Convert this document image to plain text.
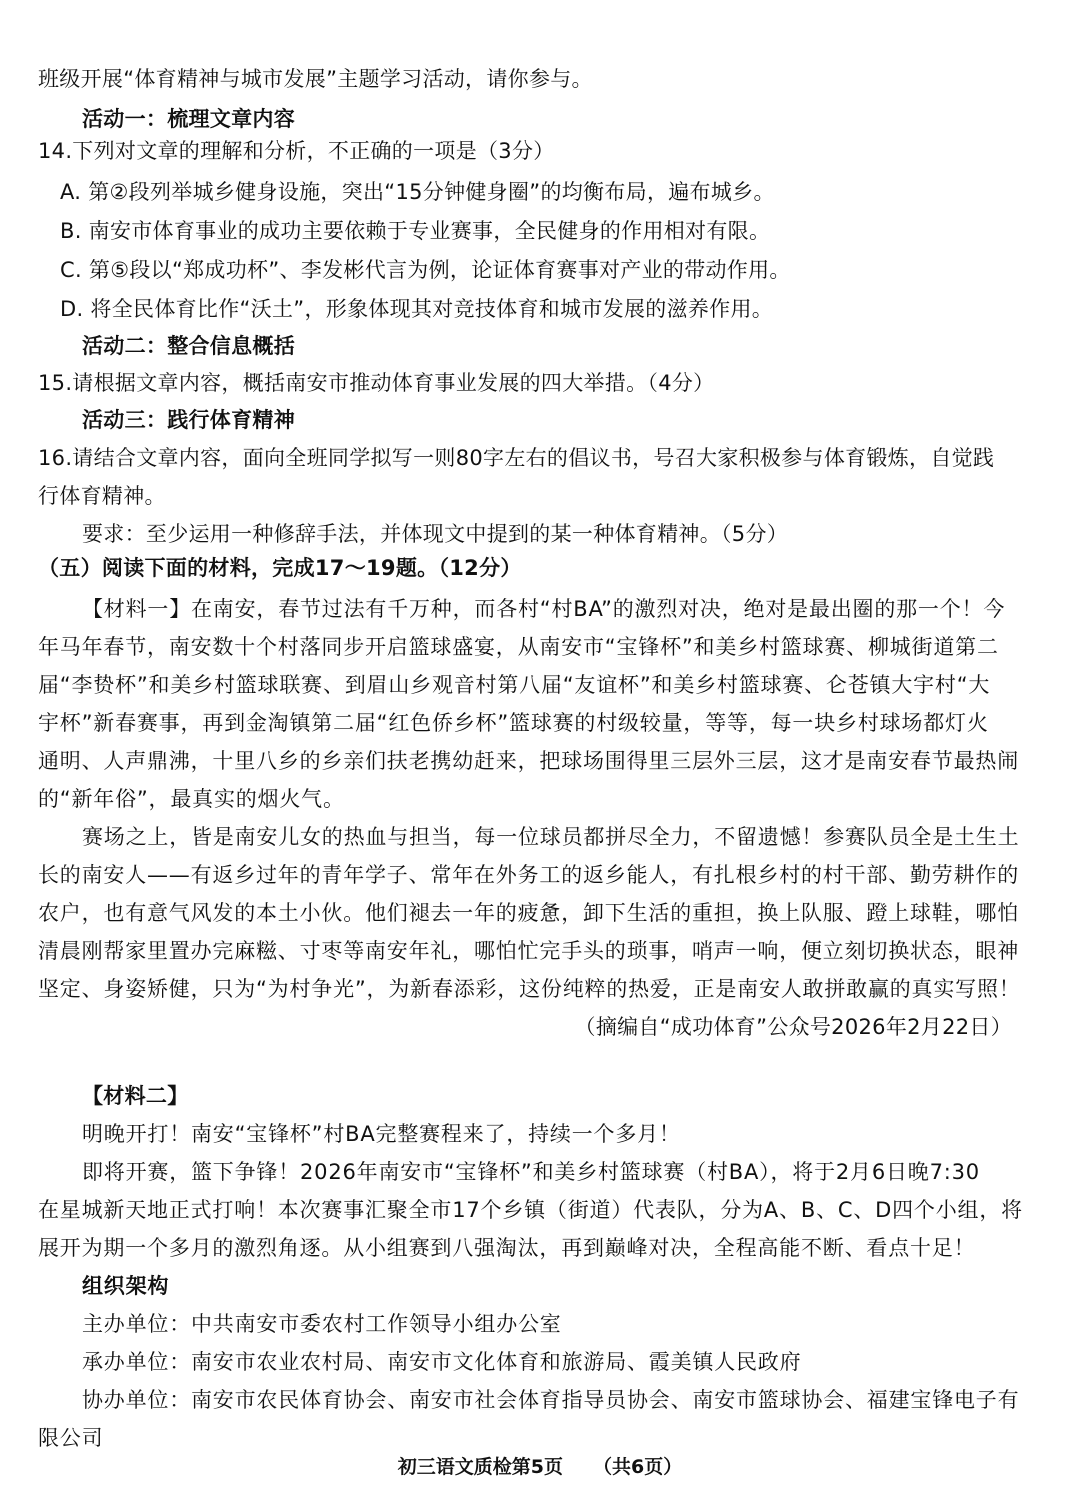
班级开展“体育精神与城市发展”主题学习活动，请你参与。
活动一：梳理文章内容
14.下列对文章的理解和分析，不正确的一项是（3分）
A. 第②段列举城乡健身设施，突出“15分钟健身圈”的均衡布局，遍布城乡。
B. 南安市体育事业的成功主要依赖于专业赛事，全民健身的作用相对有限。
C. 第⑤段以“郑成功杯”、李发彬代言为例，论证体育赛事对产业的带动作用。
D. 将全民体育比作“沃土”，形象体现其对竞技体育和城市发展的滋养作用。
活动二：整合信息概括
15.请根据文章内容，概括南安市推动体育事业发展的四大举措。（4分）
活动三：践行体育精神
16.请结合文章内容，面向全班同学拟写一则80字左右的倡议书，号召大家积极参与体育锻炼，自觉践
行体育精神。
要求：至少运用一种修辞手法，并体现文中提到的某一种体育精神。（5分）
（五）阅读下面的材料，完成17～19题。（12分）
【材料一】在南安，春节过法有千万种，而各村“村BA”的激烈对决，绝对是最出圈的那一个！今
年马年春节，南安数十个村落同步开启篮球盛宴，从南安市“宝锋杯”和美乡村篮球赛、柳城街道第二
届“李贽杯”和美乡村篮球联赛、到眉山乡观音村第八届“友谊杯”和美乡村篮球赛、仑苍镇大宇村“大
宇杯”新春赛事，再到金淘镇第二届“红色侨乡杯”篮球赛的村级较量，等等，每一块乡村球场都灯火
通明、人声鼎沸，十里八乡的乡亲们扶老携幼赶来，把球场围得里三层外三层，这才是南安春节最热闹
的“新年俗”，最真实的烟火气。
赛场之上，皆是南安儿女的热血与担当，每一位球员都拼尽全力，不留遗憾！参赛队员全是土生土
长的南安人——有返乡过年的青年学子、常年在外务工的返乡能人，有扎根乡村的村干部、勤劳耕作的
农户，也有意气风发的本土小伙。他们褪去一年的疲惫，卸下生活的重担，换上队服、蹬上球鞋，哪怕
清晨刚帮家里置办完麻糍、寸枣等南安年礼，哪怕忙完手头的琐事，哨声一响，便立刻切换状态，眼神
坚定、身姿矫健，只为“为村争光”，为新春添彩，这份纯粹的热爱，正是南安人敢拼敢赢的真实写照！
（摘编自“成功体育”公众号2026年2月22日）
【材料二】
明晚开打！南安“宝锋杯”村BA完整赛程来了，持续一个多月！
即将开赛，篮下争锋！2026年南安市“宝锋杯”和美乡村篮球赛（村BA），将于2月6日晚7:30
在星城新天地正式打响！本次赛事汇聚全市17个乡镇（街道）代表队，分为A、B、C、D四个小组，将
展开为期一个多月的激烈角逐。从小组赛到八强淘汰，再到巅峰对决，全程高能不断、看点十足！
组织架构
主办单位：中共南安市委农村工作领导小组办公室
承办单位：南安市农业农村局、南安市文化体育和旅游局、霞美镇人民政府
协办单位：南安市农民体育协会、南安市社会体育指导员协会、南安市篮球协会、福建宝锋电子有
限公司
初三语文质检第5页 （共6页）
